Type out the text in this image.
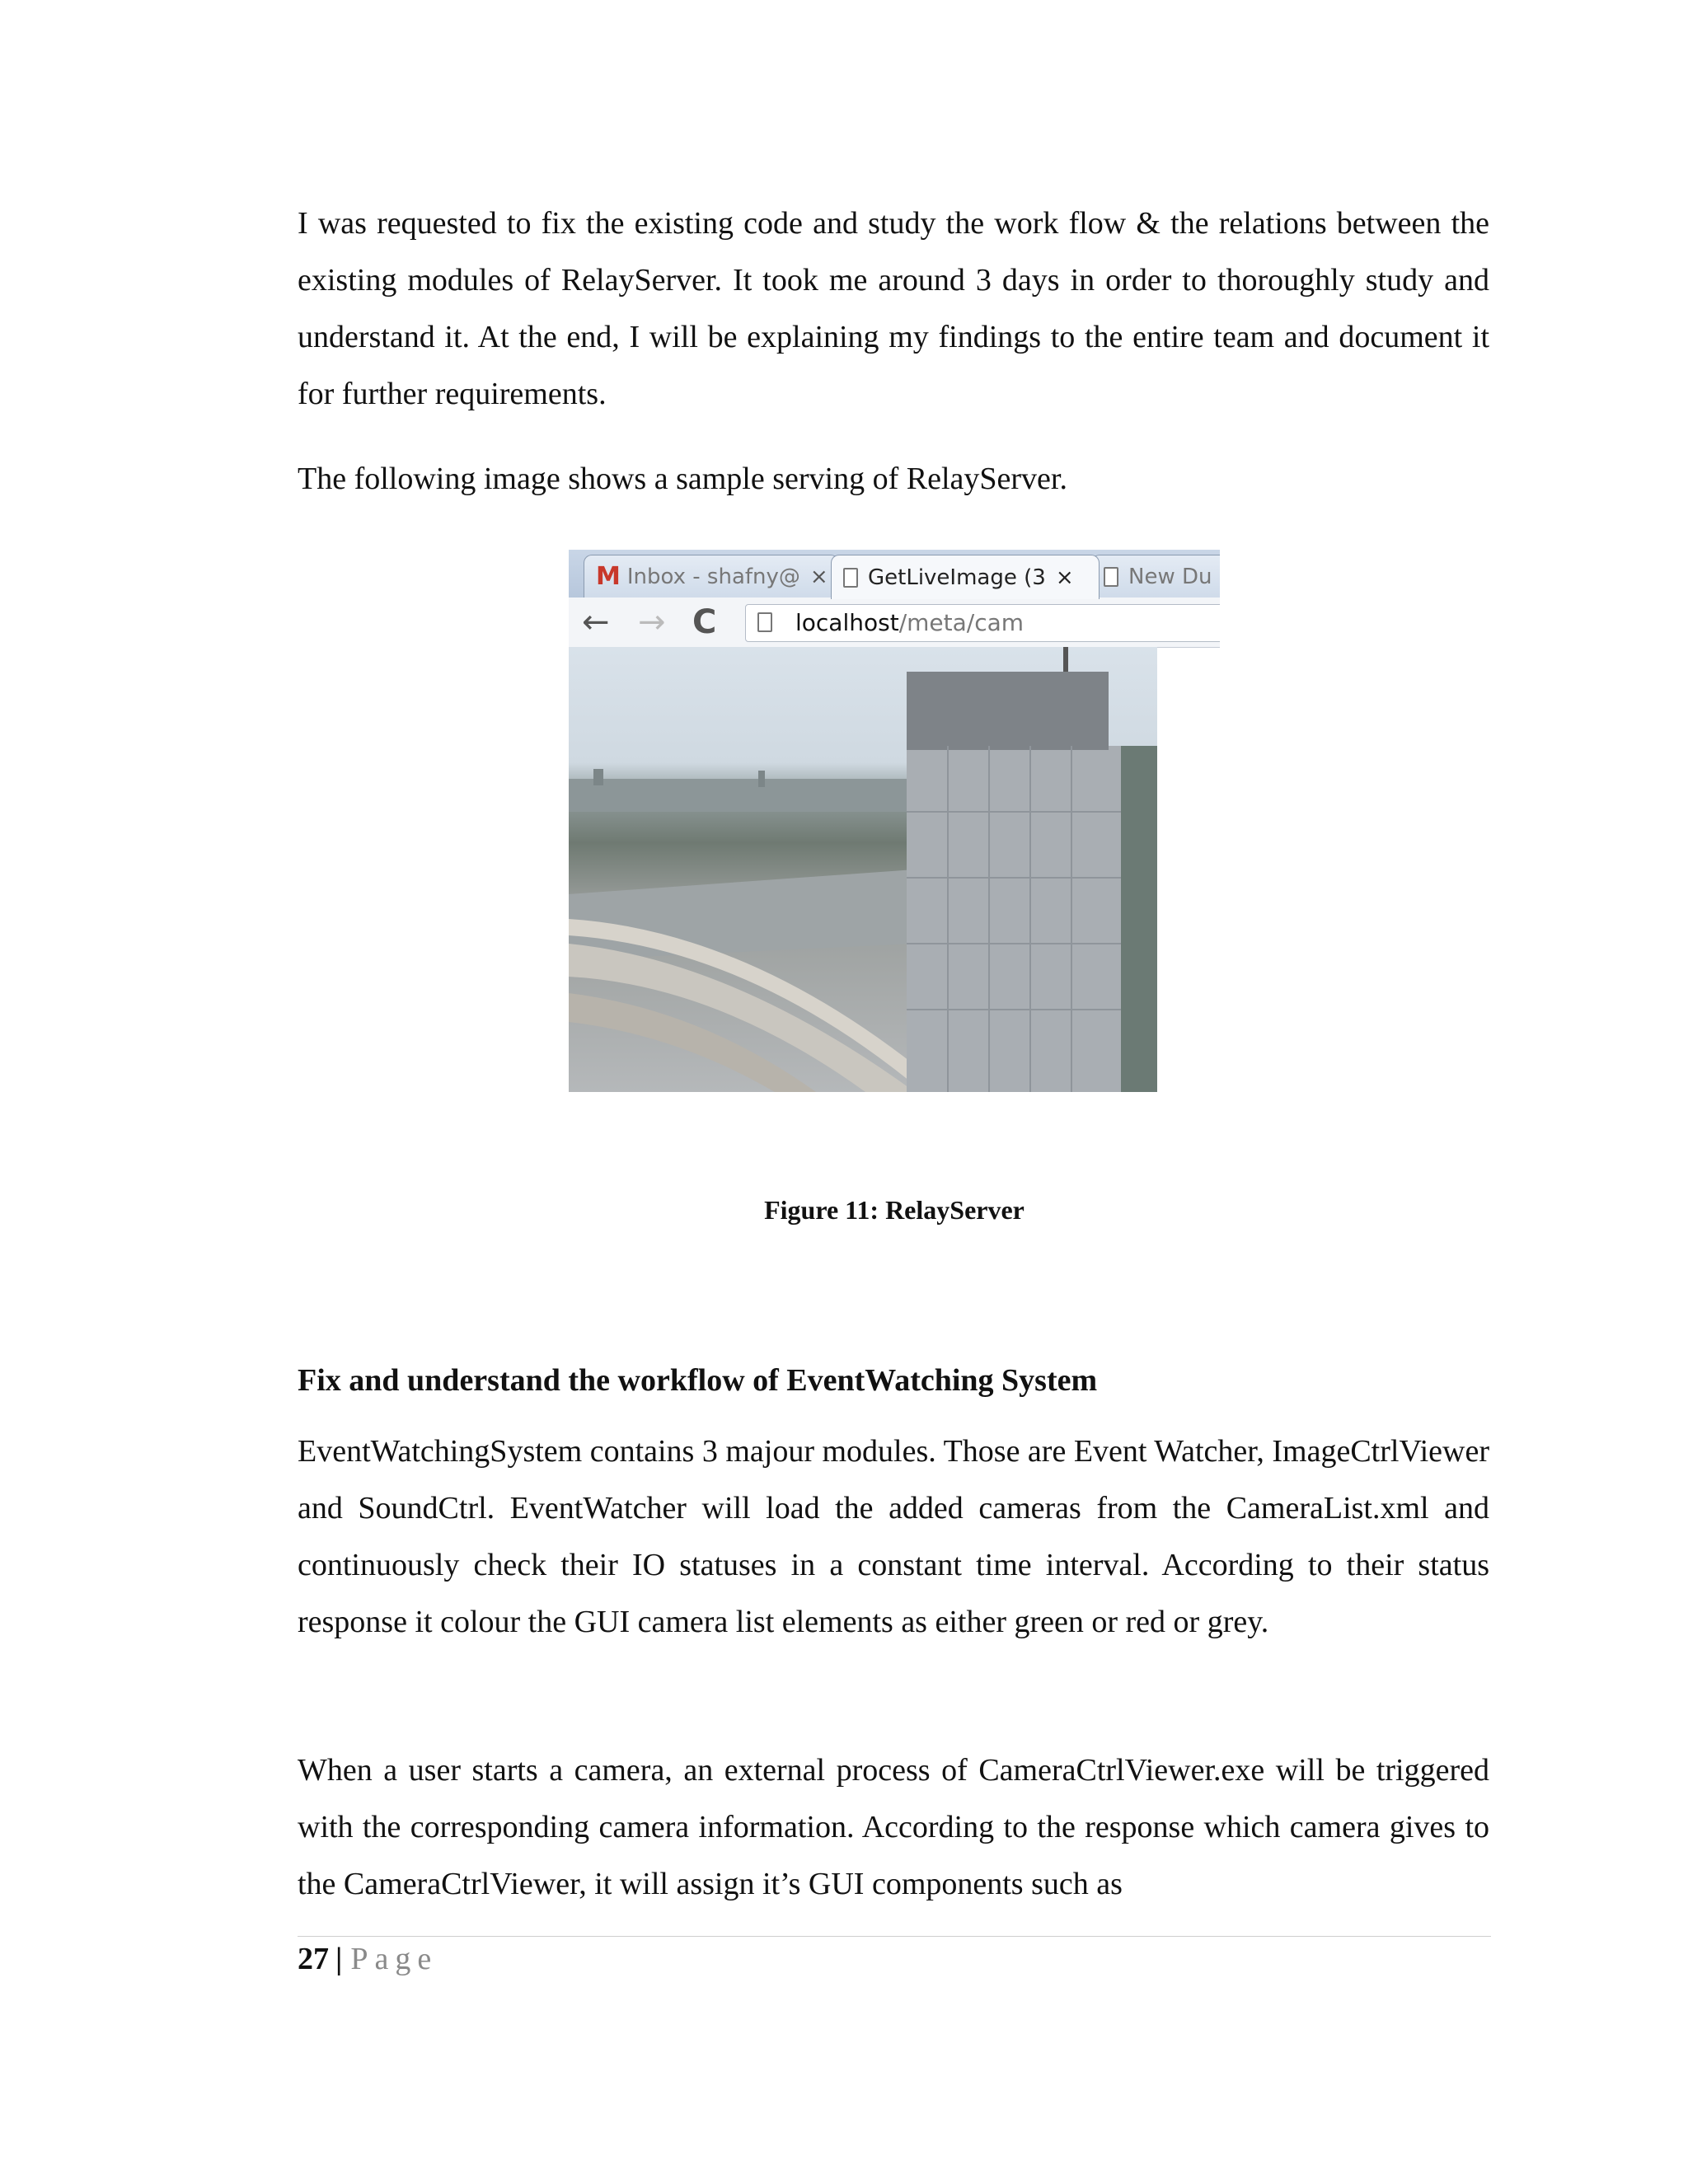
I was requested to fix the existing code and study the work flow & the relations between the existing modules of RelayServer. It took me around 3 days in order to thoroughly study and understand it. At the end, I will be explaining my findings to the entire team and document it for further requirements.

The following image shows a sample serving of RelayServer.

M Inbox - shafny@ × GetLiveImage (3 ×	New Du
← → C	localhost/meta/cam
Figure 11: RelayServer
Fix and understand the workflow of EventWatching System

EventWatchingSystem contains 3 majour modules. Those are Event Watcher, ImageCtrlViewer and SoundCtrl. EventWatcher will load the added cameras from the CameraList.xml and continuously check their IO statuses in a constant time interval. According to their status response it colour the GUI camera list elements as either green or red or grey.

When a user starts a camera, an external process of CameraCtrlViewer.exe will be triggered with the corresponding camera information. According to the response which camera gives to the CameraCtrlViewer, it will assign it’s GUI components such as

27 | Page
